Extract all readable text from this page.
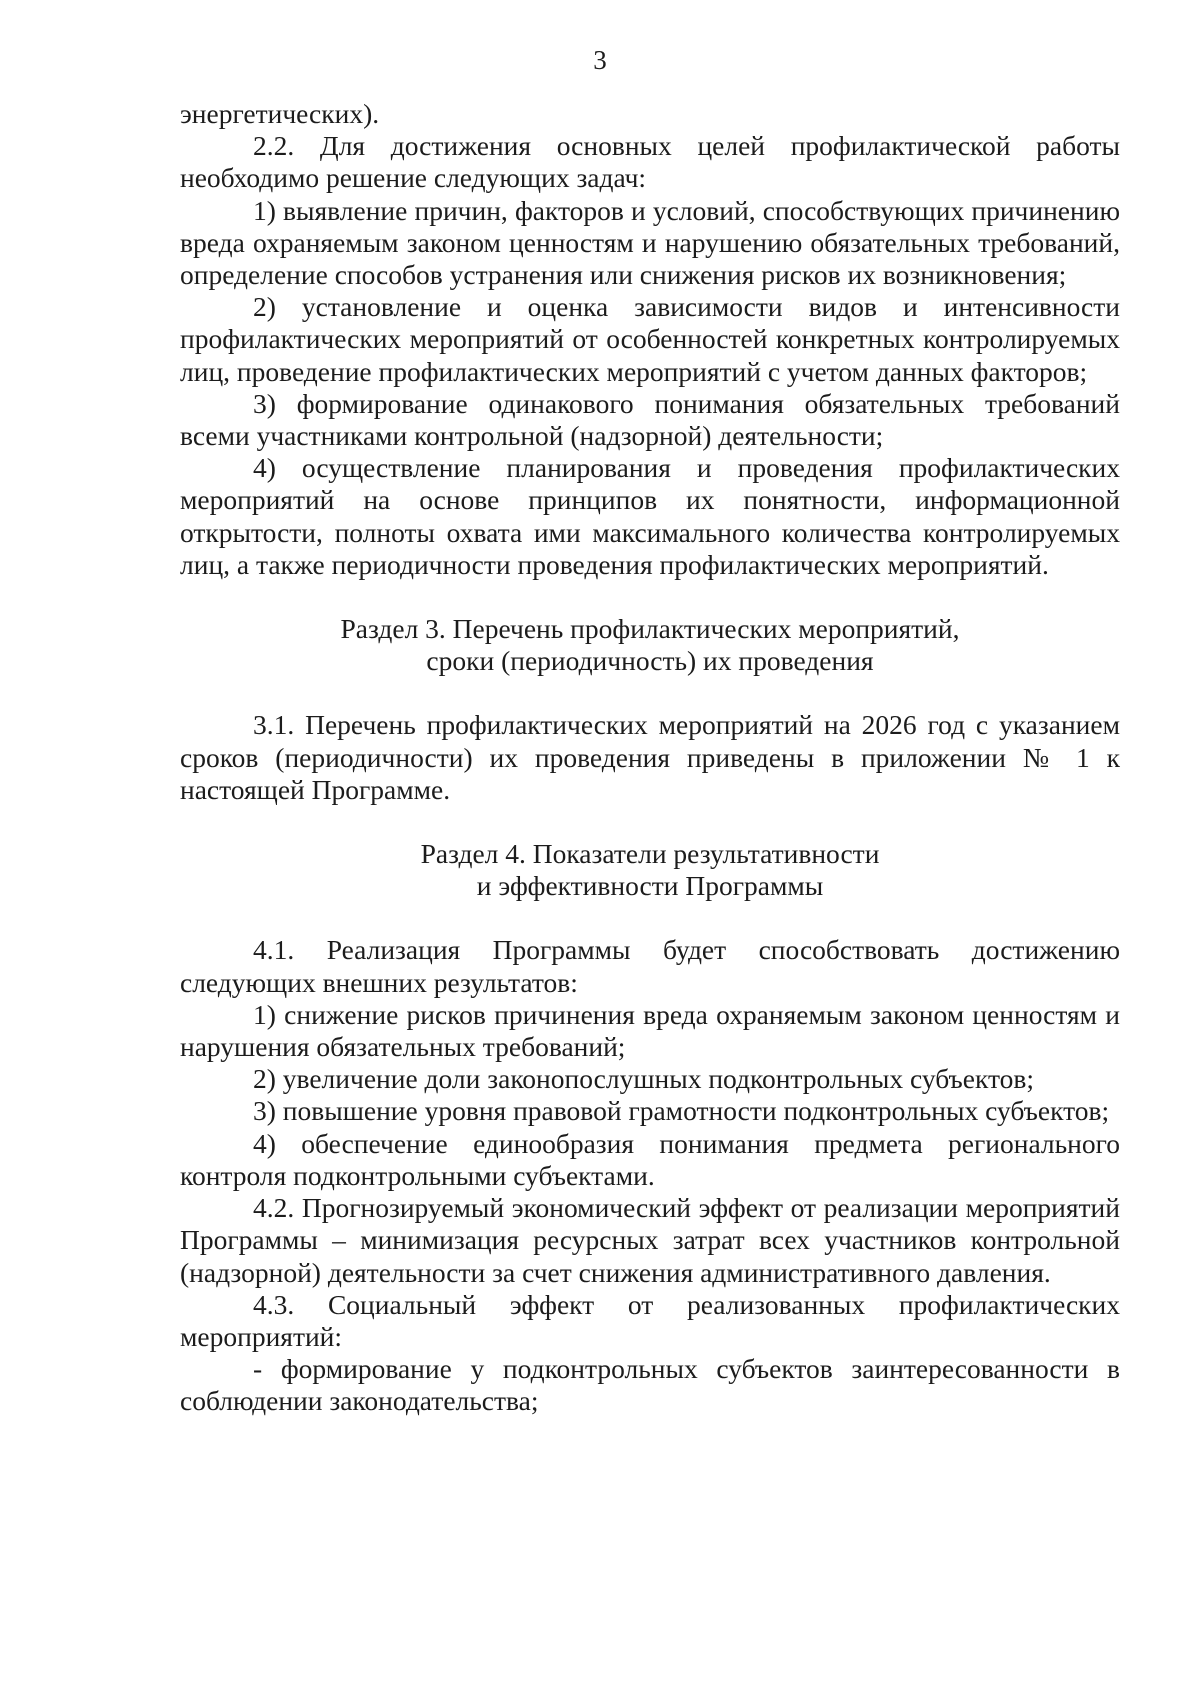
3

энергетических).

2.2. Для достижения основных целей профилактической работы необходимо решение следующих задач:

1) выявление причин, факторов и условий, способствующих причинению вреда охраняемым законом ценностям и нарушению обязательных требований, определение способов устранения или снижения рисков их возникновения;

2) установление и оценка зависимости видов и интенсивности профилактических мероприятий от особенностей конкретных контролируемых лиц, проведение профилактических мероприятий с учетом данных факторов;

3) формирование одинакового понимания обязательных требований всеми участниками контрольной (надзорной) деятельности;

4) осуществление планирования и проведения профилактических мероприятий на основе принципов их понятности, информационной открытости, полноты охвата ими максимального количества контролируемых лиц, а также периодичности проведения профилактических мероприятий.

Раздел 3. Перечень профилактических мероприятий,
сроки (периодичность) их проведения

3.1. Перечень профилактических мероприятий на 2026 год с указанием сроков (периодичности) их проведения приведены в приложении № 1 к настоящей Программе.

Раздел 4. Показатели результативности
и эффективности Программы

4.1. Реализация Программы будет способствовать достижению следующих внешних результатов:

1) снижение рисков причинения вреда охраняемым законом ценностям и нарушения обязательных требований;

2) увеличение доли законопослушных подконтрольных субъектов;

3) повышение уровня правовой грамотности подконтрольных субъектов;

4) обеспечение единообразия понимания предмета регионального контроля подконтрольными субъектами.

4.2. Прогнозируемый экономический эффект от реализации мероприятий Программы – минимизация ресурсных затрат всех участников контрольной (надзорной) деятельности за счет снижения административного давления.

4.3. Социальный эффект от реализованных профилактических мероприятий:

- формирование у подконтрольных субъектов заинтересованности в соблюдении законодательства;
